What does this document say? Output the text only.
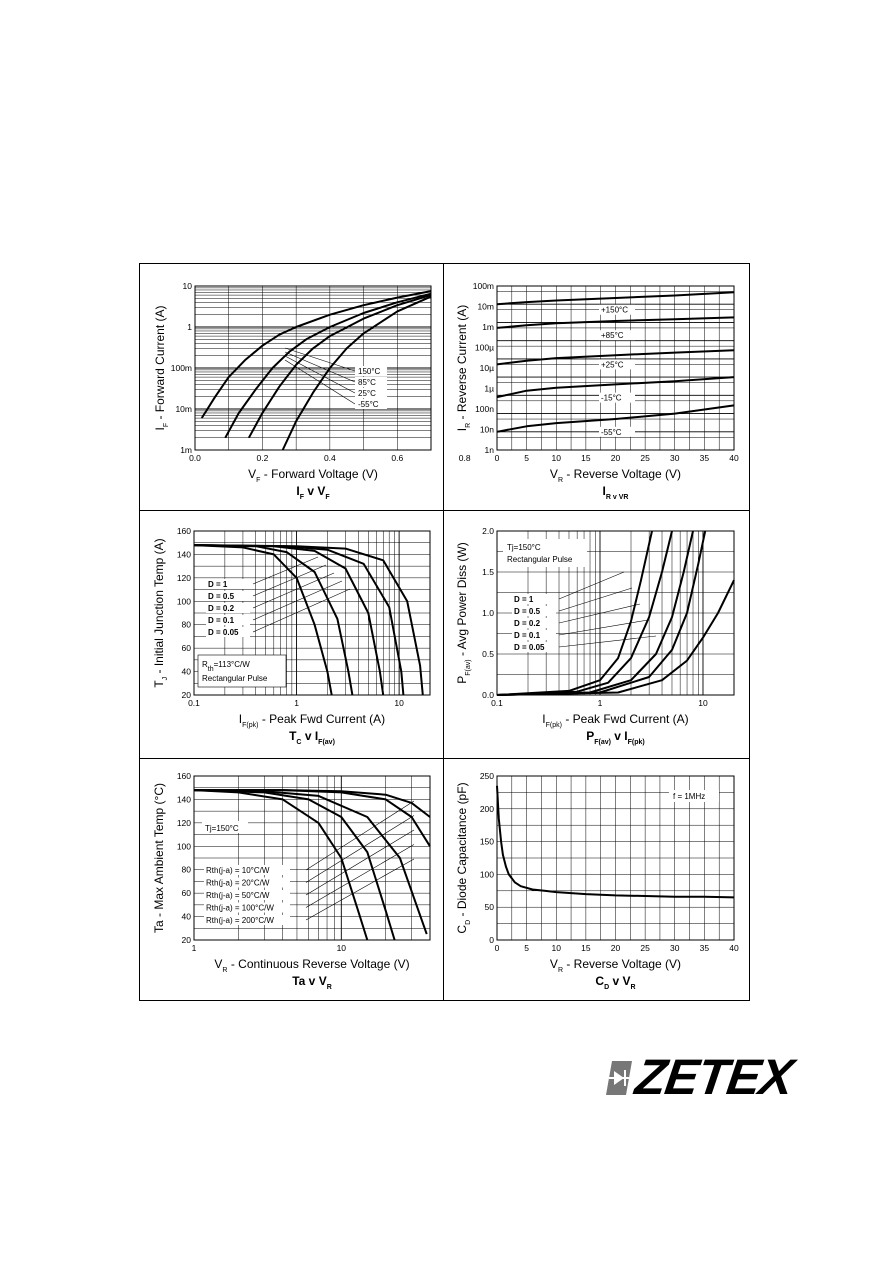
1m
10m
100m
1
10
0.0	0.2	0.4	0.6	0.8
$V_F$ - Forward Voltage (V)
$I_F$ - Forward Current (A)
$I_F$ v $V_F$
150°C
85°C
25°C
-55°C
100m
10m
1m
100µ
10µ
1µ
100n
10n
1n
0	5	10 15 20 25 30 35 40
$V_R$ - Reverse Voltage (V)
$I_R$ - Reverse Current (A)
$I_{R v VR}$
+150°C
+85°C
+25°C
-15°C
-55°C
20
40
60
80
100
120
140
160
0.1	1	10
$I_{F(pk)}$ - Peak Fwd Current (A)
$T_J$ - Initial Junction Temp (A)
$T_C$ v $I_{F(av)}$
D = 1
D = 0.5
D = 0.2
D = 0.1
D = 0.05
$R_{th}=113^\circ C/W$
Rectangular Pulse
0.0
0.5
1.0
1.5
2.0
0.1	1	10
$I_{F(pk)}$ - Peak Fwd Current (A)
$P_{F(av)}$ - Avg Power Diss (W)
$P_{F(av)}$ v $I_{F(pk)}$
D = 1
D = 0.5
D = 0.2
D = 0.1
D = 0.05
Tj=150°C
Rectangular Pulse
20
40
60
80
100
120
140
160
1	10
$V_R$ - Continuous Reverse Voltage (V)
Ta - Max Ambient Temp (°C)
Ta v $V_R$
Tj=150°C
Rth(j-a) = 10°C/W
Rth(j-a) = 20°C/W
Rth(j-a) = 50°C/W
Rth(j-a) = 100°C/W
Rth(j-a) = 200°C/W
0
50
100
150
200
250
0	5	10 15 20 25 30 35 40
$V_R$ - Reverse Voltage (V)
$C_D$ - Diode Capacitance (pF)
$C_D$ v $V_R$
f = 1MHz
ZETEX
